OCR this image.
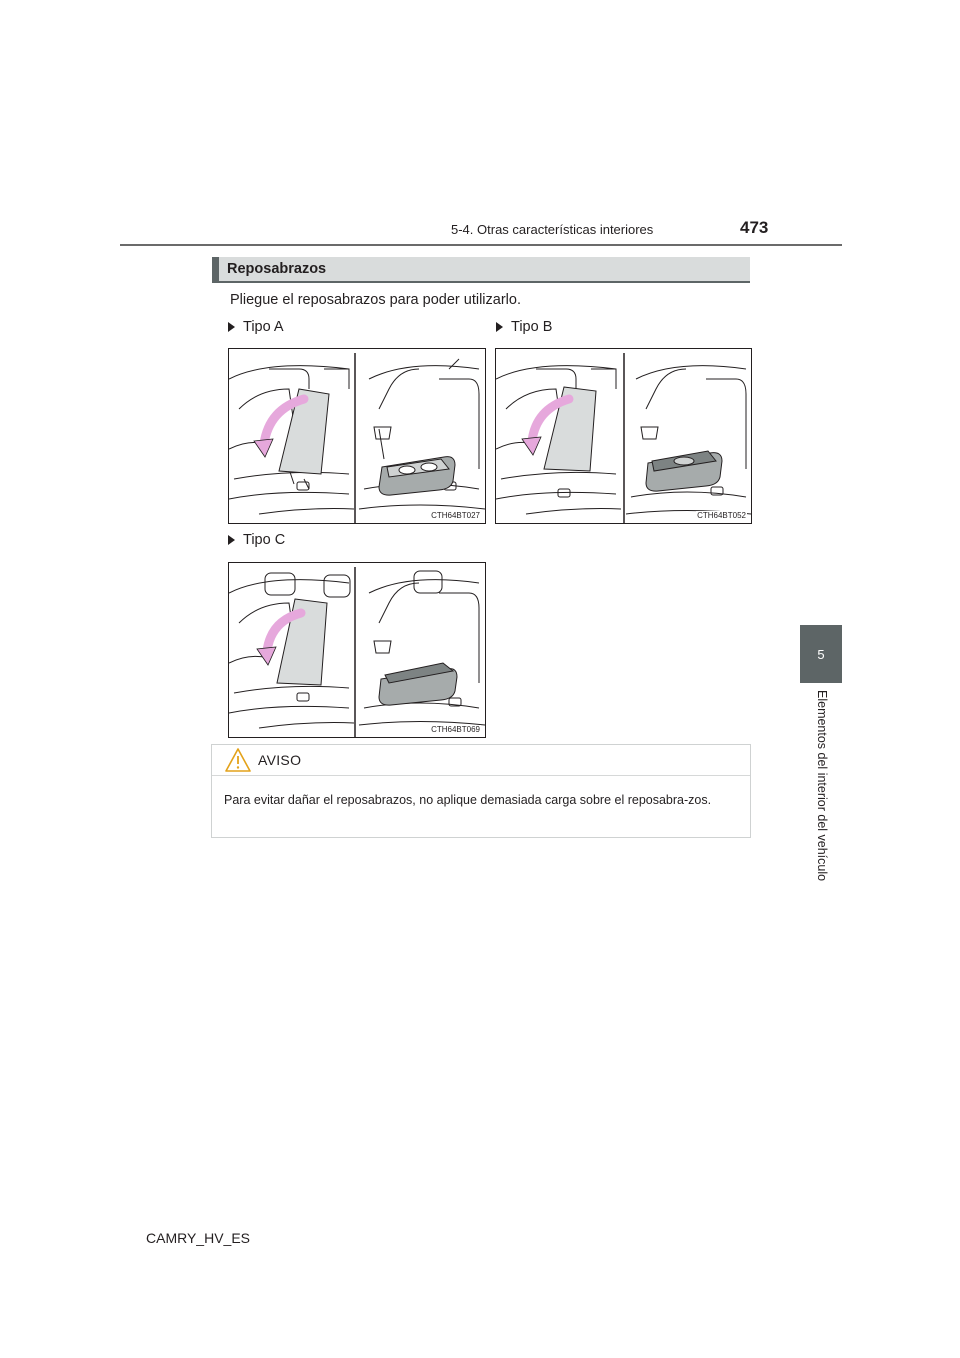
5-4. Otras características interiores	473
5
Elementos del interior del vehículo
Reposabrazos
Pliegue el reposabrazos para poder utilizarlo.
Tipo A	Tipo B
Tipo C
CTH64BT027	CTH64BT052
CTH64BT069
AVISO
Para evitar dañar el reposabrazos, no aplique demasiada carga sobre el reposabra-zos.
CAMRY_HV_ES
